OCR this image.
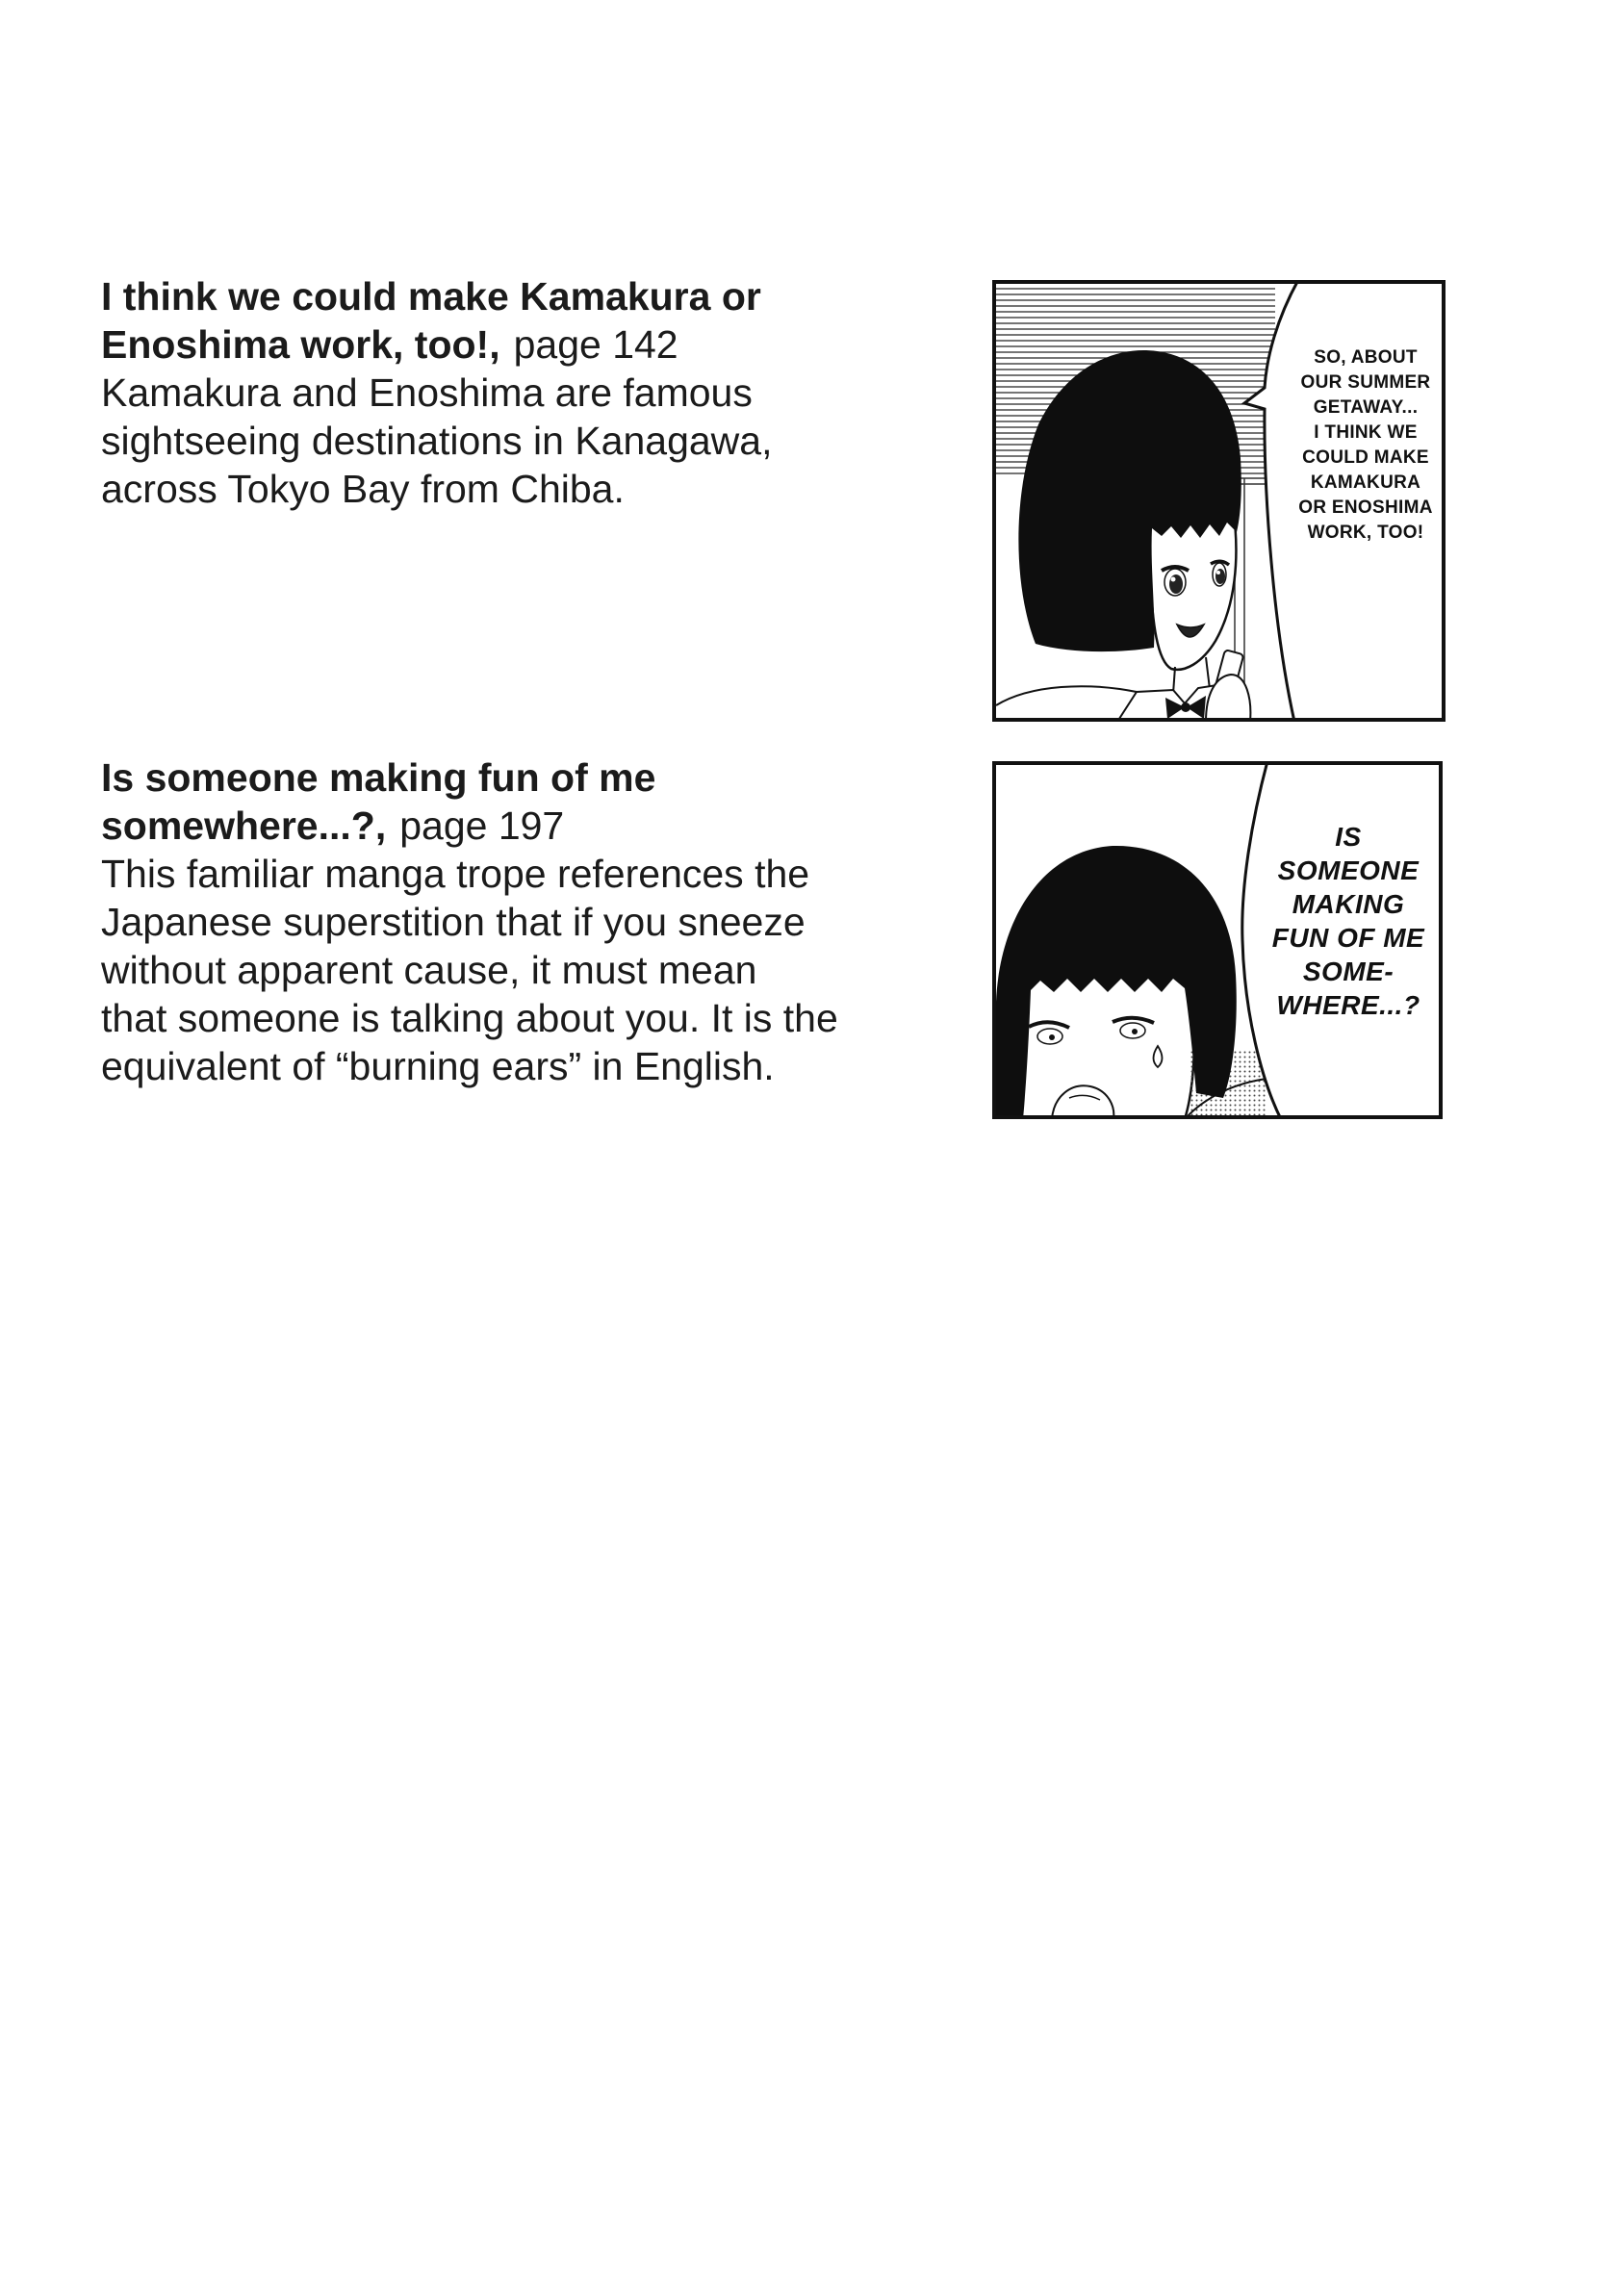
I think we could make Kamakura or
Enoshima work, too!, page 142
Kamakura and Enoshima are famous
sightseeing destinations in Kanagawa,
across Tokyo Bay from Chiba.
Is someone making fun of me
somewhere...?, page 197
This familiar manga trope references the
Japanese superstition that if you sneeze
without apparent cause, it must mean
that someone is talking about you. It is the
equivalent of “burning ears” in English.
SO, ABOUT
OUR SUMMER
GETAWAY...
I THINK WE
COULD MAKE
KAMAKURA
OR ENOSHIMA
WORK, TOO!
IS
SOMEONE
MAKING
FUN OF ME
SOME-
WHERE...?
